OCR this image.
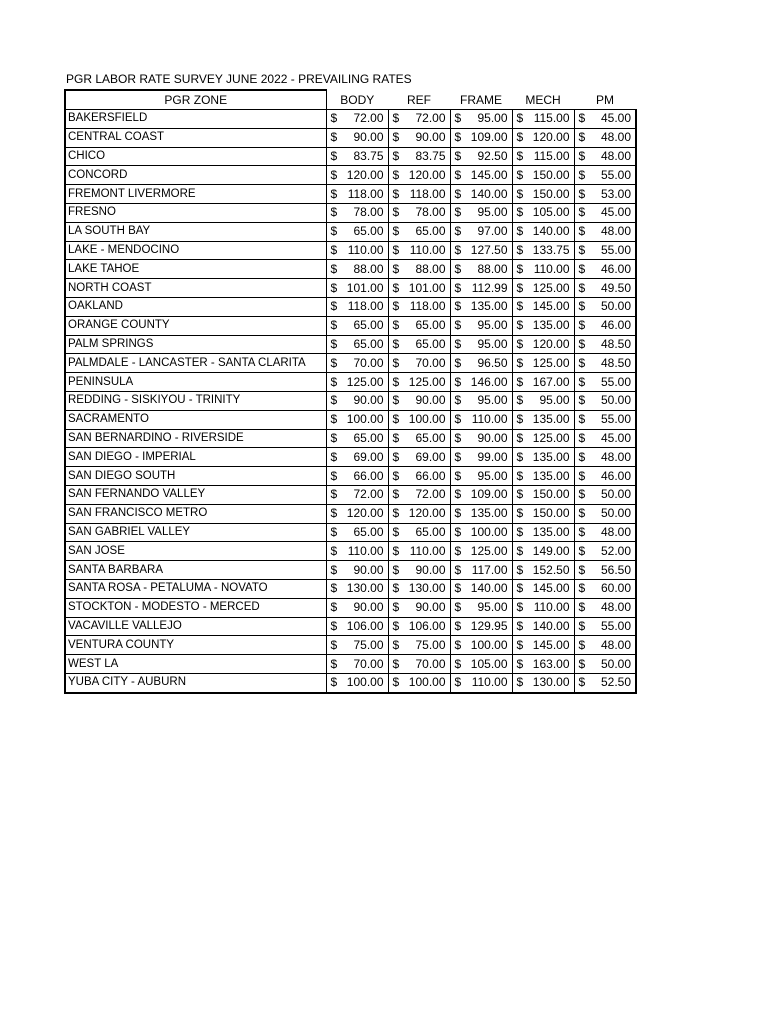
PGR LABOR RATE SURVEY JUNE 2022 - PREVAILING RATES
PGR ZONE	BODY	REF	FRAME	MECH	PM
BAKERSFIELD	$ 72.00	$ 72.00	$ 95.00	$ 115.00	$ 45.00

CENTRAL COAST	$ 90.00	$ 90.00	$ 109.00	$ 120.00	$ 48.00

CHICO	$ 83.75	$ 83.75	$ 92.50	$ 115.00	$ 48.00

CONCORD	$ 120.00	$ 120.00	$ 145.00	$ 150.00	$ 55.00

FREMONT LIVERMORE	$ 118.00	$ 118.00	$ 140.00	$ 150.00	$ 53.00

FRESNO	$ 78.00	$ 78.00	$ 95.00	$ 105.00	$ 45.00

LA SOUTH BAY	$ 65.00	$ 65.00	$ 97.00	$ 140.00	$ 48.00

LAKE - MENDOCINO	$ 110.00	$ 110.00	$ 127.50	$ 133.75	$ 55.00

LAKE TAHOE	$ 88.00	$ 88.00	$ 88.00	$ 110.00	$ 46.00

NORTH COAST	$ 101.00	$ 101.00	$ 112.99	$ 125.00	$ 49.50

OAKLAND	$ 118.00	$ 118.00	$ 135.00	$ 145.00	$ 50.00

ORANGE COUNTY	$ 65.00	$ 65.00	$ 95.00	$ 135.00	$ 46.00

PALM SPRINGS	$ 65.00	$ 65.00	$ 95.00	$ 120.00	$ 48.50

PALMDALE - LANCASTER - SANTA CLARITA	$ 70.00	$ 70.00	$ 96.50	$ 125.00	$ 48.50

PENINSULA	$ 125.00	$ 125.00	$ 146.00	$ 167.00	$ 55.00

REDDING - SISKIYOU - TRINITY	$ 90.00	$ 90.00	$ 95.00	$ 95.00	$ 50.00

SACRAMENTO	$ 100.00	$ 100.00	$ 110.00	$ 135.00	$ 55.00

SAN BERNARDINO - RIVERSIDE	$ 65.00	$ 65.00	$ 90.00	$ 125.00	$ 45.00

SAN DIEGO - IMPERIAL	$ 69.00	$ 69.00	$ 99.00	$ 135.00	$ 48.00

SAN DIEGO SOUTH	$ 66.00	$ 66.00	$ 95.00	$ 135.00	$ 46.00

SAN FERNANDO VALLEY	$ 72.00	$ 72.00	$ 109.00	$ 150.00	$ 50.00

SAN FRANCISCO METRO	$ 120.00	$ 120.00	$ 135.00	$ 150.00	$ 50.00

SAN GABRIEL VALLEY	$ 65.00	$ 65.00	$ 100.00	$ 135.00	$ 48.00

SAN JOSE	$ 110.00	$ 110.00	$ 125.00	$ 149.00	$ 52.00

SANTA BARBARA	$ 90.00	$ 90.00	$ 117.00	$ 152.50	$ 56.50

SANTA ROSA - PETALUMA - NOVATO	$ 130.00	$ 130.00	$ 140.00	$ 145.00	$ 60.00

STOCKTON - MODESTO - MERCED	$ 90.00	$ 90.00	$ 95.00	$ 110.00	$ 48.00

VACAVILLE VALLEJO	$ 106.00	$ 106.00	$ 129.95	$ 140.00	$ 55.00

VENTURA COUNTY	$ 75.00	$ 75.00	$ 100.00	$ 145.00	$ 48.00

WEST LA	$ 70.00	$ 70.00	$ 105.00	$ 163.00	$ 50.00

YUBA CITY - AUBURN	$ 100.00	$ 100.00	$ 110.00	$ 130.00	$ 52.50
